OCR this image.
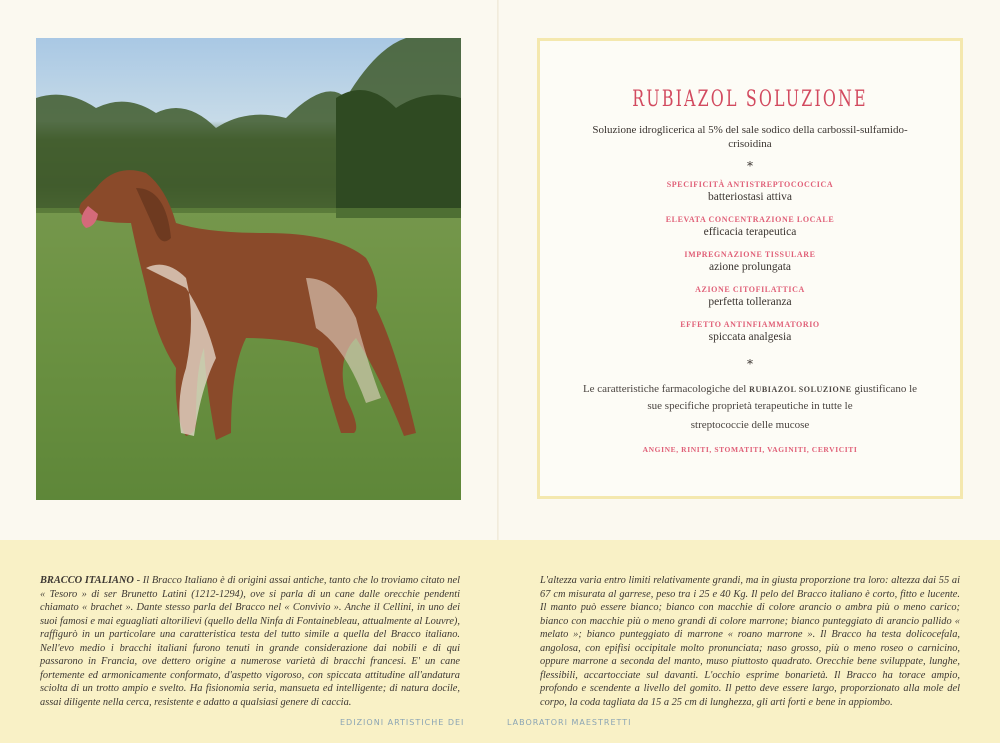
RUBIAZOL SOLUZIONE
Soluzione idroglicerica al 5% del sale sodico della carbossil-sulfamido-crisoidina
*
SPECIFICITÀ ANTISTREPTOCOCCICA
batteriostasi attiva
ELEVATA CONCENTRAZIONE LOCALE
efficacia terapeutica
IMPREGNAZIONE TISSULARE
azione prolungata
AZIONE CITOFILATTICA
perfetta tolleranza
EFFETTO ANTINFIAMMATORIO
spiccata analgesia
*
Le caratteristiche farmacologiche del RUBIAZOL SOLUZIONE giustificano le sue specifiche proprietà terapeutiche in tutte le
streptococcie delle mucose
ANGINE, RINITI, STOMATITI, VAGINITI, CERVICITI
BRACCO ITALIANO - Il Bracco Italiano è di origini assai antiche, tanto che lo troviamo citato nel « Tesoro » di ser Brunetto Latini (1212-1294), ove si parla di un cane dalle orecchie pendenti chiamato « brachet ». Dante stesso parla del Bracco nel « Convivio ». Anche il Cellini, in uno dei suoi famosi e mai eguagliati altorilievi (quello della Ninfa di Fontainebleau, attualmente al Louvre), raffigurò in un particolare una caratteristica testa del tutto simile a quella del Bracco italiano. Nell'evo medio i bracchi italiani furono tenuti in grande considerazione dai nobili e di qui passarono in Francia, ove dettero origine a numerose varietà di bracchi francesi. E' un cane fortemente ed armonicamente conformato, d'aspetto vigoroso, con spiccata attitudine all'andatura sciolta di un trotto ampio e svelto. Ha fisionomia seria, mansueta ed intelligente; di natura docile, assai diligente nella cerca, resistente e adatto a qualsiasi genere di caccia.
L'altezza varia entro limiti relativamente grandi, ma in giusta proporzione tra loro: altezza dai 55 ai 67 cm misurata al garrese, peso tra i 25 e 40 Kg. Il pelo del Bracco italiano è corto, fitto e lucente. Il manto può essere bianco; bianco con macchie di colore arancio o ambra più o meno carico; bianco con macchie più o meno grandi di colore marrone; bianco punteggiato di arancio pallido « melato »; bianco punteggiato di marrone « roano marrone ». Il Bracco ha testa dolicocefala, angolosa, con epifisi occipitale molto pronunciata; naso grosso, più o meno roseo o carnicino, oppure marrone a seconda del manto, muso piuttosto quadrato. Orecchie bene sviluppate, lunghe, flessibili, accartocciate sul davanti. L'occhio esprime bonarietà. Il Bracco ha torace ampio, profondo e scendente a livello del gomito. Il petto deve essere largo, proporzionato alla mole del corpo, la coda tagliata da 15 a 25 cm di lunghezza, gli arti forti e bene in appiombo.
EDIZIONI ARTISTICHE DEI	LABORATORI MAESTRETTI
